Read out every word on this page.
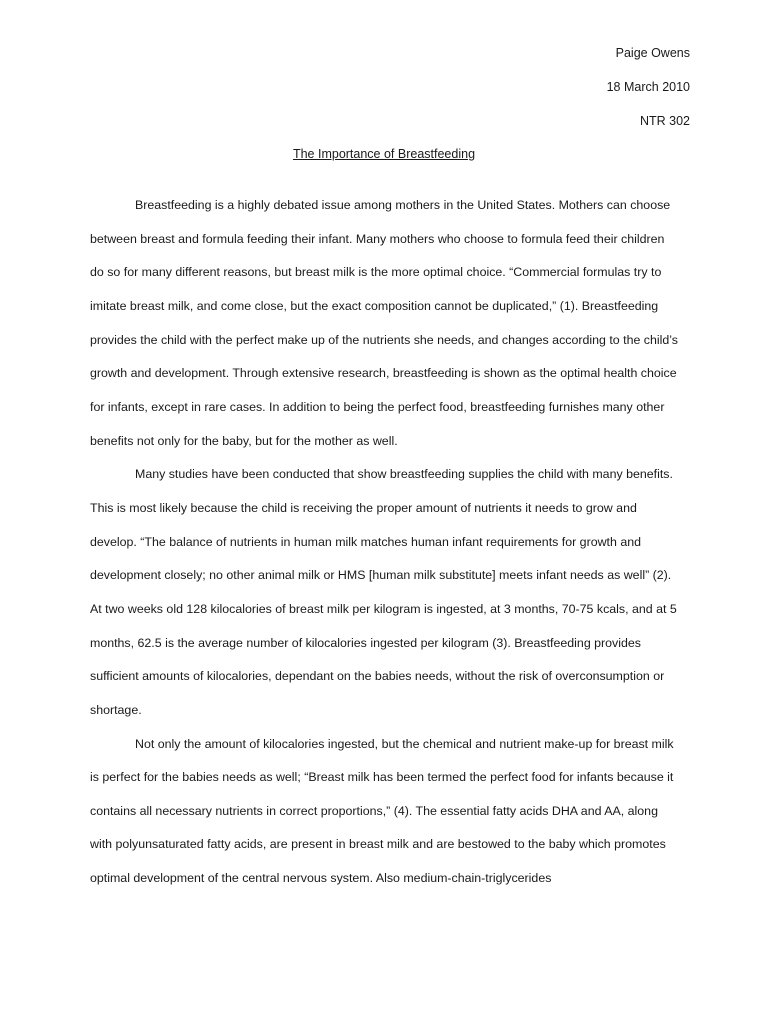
Paige Owens
18 March 2010
NTR 302
The Importance of Breastfeeding

Breastfeeding is a highly debated issue among mothers in the United States. Mothers can choose between breast and formula feeding their infant. Many mothers who choose to formula feed their children do so for many different reasons, but breast milk is the more optimal choice. “Commercial formulas try to imitate breast milk, and come close, but the exact composition cannot be duplicated,” (1). Breastfeeding provides the child with the perfect make up of the nutrients she needs, and changes according to the child’s growth and development. Through extensive research, breastfeeding is shown as the optimal health choice for infants, except in rare cases. In addition to being the perfect food, breastfeeding furnishes many other benefits not only for the baby, but for the mother as well.

Many studies have been conducted that show breastfeeding supplies the child with many benefits. This is most likely because the child is receiving the proper amount of nutrients it needs to grow and develop. “The balance of nutrients in human milk matches human infant requirements for growth and development closely; no other animal milk or HMS [human milk substitute] meets infant needs as well” (2). At two weeks old 128 kilocalories of breast milk per kilogram is ingested, at 3 months, 70-75 kcals, and at 5 months, 62.5 is the average number of kilocalories ingested per kilogram (3). Breastfeeding provides sufficient amounts of kilocalories, dependant on the babies needs, without the risk of overconsumption or shortage.

Not only the amount of kilocalories ingested, but the chemical and nutrient make-up for breast milk is perfect for the babies needs as well; “Breast milk has been termed the perfect food for infants because it contains all necessary nutrients in correct proportions,” (4). The essential fatty acids DHA and AA, along with polyunsaturated fatty acids, are present in breast milk and are bestowed to the baby which promotes optimal development of the central nervous system. Also medium-chain-triglycerides
